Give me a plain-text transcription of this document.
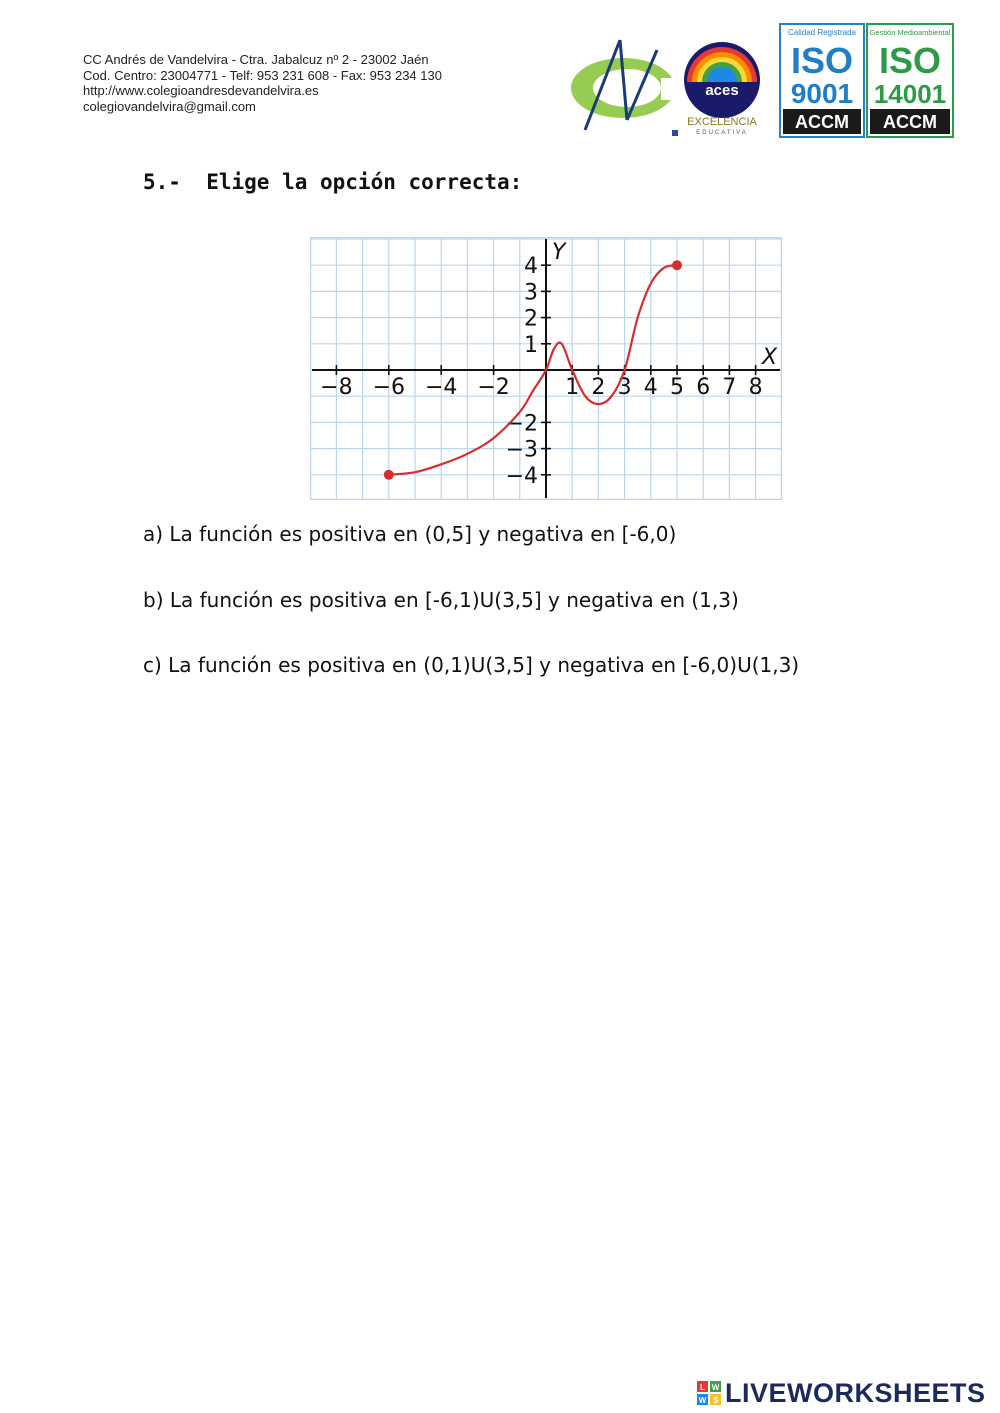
CC Andrés de Vandelvira - Ctra. Jabalcuz nº 2 - 23002 Jaén
Cod. Centro: 23004771 - Telf: 953 231 608 - Fax: 953 234 130
http://www.colegioandresdevandelvira.es
colegiovandelvira@gmail.com
aces
EXCELENCIA
EDUCATIVA
Calidad Registrada
ISO
9001
ACCM
Gestión Medioambiental
ISO
14001
ACCM
5.-  Elige la opción correcta:
X
Y
−8 −6 −4 −2	1 2 3 4 5 6 7 8
4
3
2
1
−2
−3
−4
a) La función es positiva en (0,5] y negativa en [-6,0)
b) La función es positiva en [-6,1)U(3,5] y negativa en (1,3)
c) La función es positiva en (0,1)U(3,5] y negativa en [-6,0)U(1,3)
L W
W S LIVEWORKSHEETS
